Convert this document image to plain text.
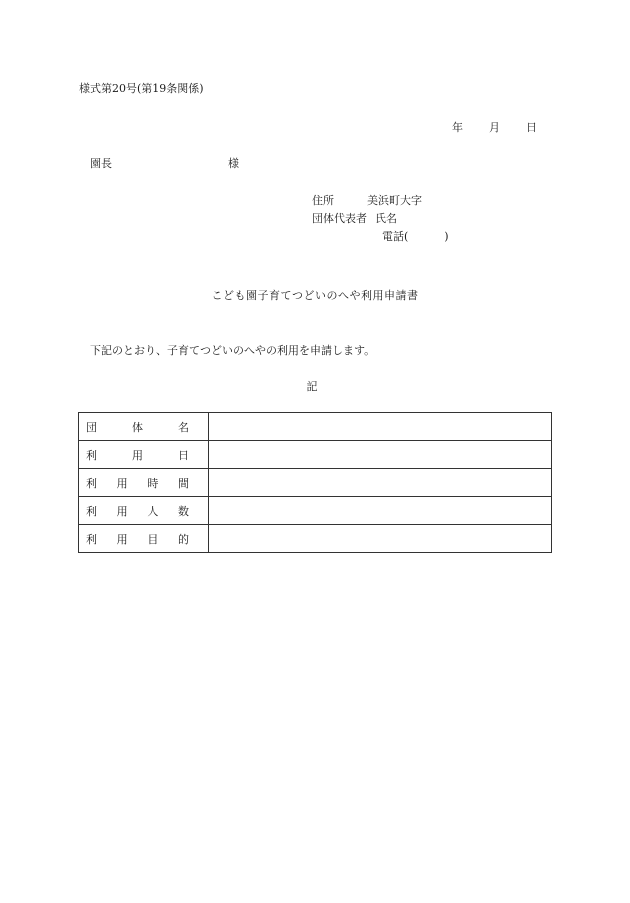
様式第20号(第19条関係)
年 月 日
園長	様
住所	美浜町大字
団体代表者 氏名
電話(	)
こども園子育てつどいのへや利用申請書
下記のとおり、子育てつどいのへやの利用を申請します。
記
団 体 名	

利 用 日	

利 用 時 間	

利 用 人 数	

利 用 目 的	
